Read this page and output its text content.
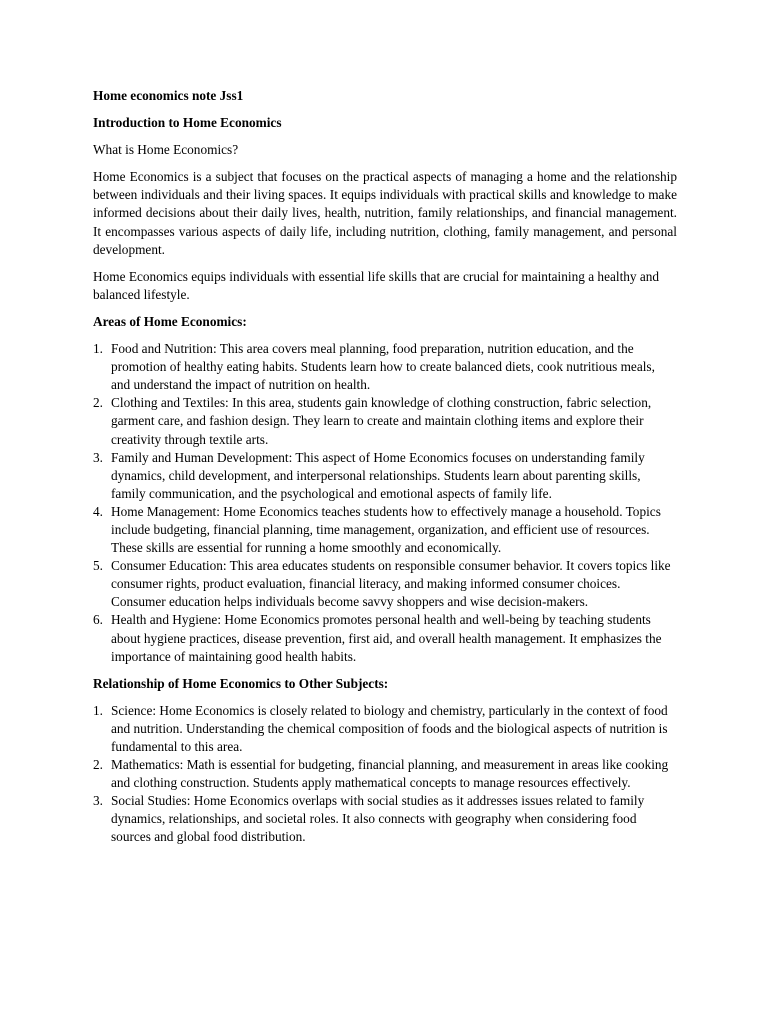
Home economics note Jss1

Introduction to Home Economics

What is Home Economics?

Home Economics is a subject that focuses on the practical aspects of managing a home and the relationship between individuals and their living spaces. It equips individuals with practical skills and knowledge to make informed decisions about their daily lives, health, nutrition, family relationships, and financial management. It encompasses various aspects of daily life, including nutrition, clothing, family management, and personal development.

Home Economics equips individuals with essential life skills that are crucial for maintaining a healthy and balanced lifestyle.

Areas of Home Economics:

1. Food and Nutrition: This area covers meal planning, food preparation, nutrition education, and the promotion of healthy eating habits. Students learn how to create balanced diets, cook nutritious meals, and understand the impact of nutrition on health.
2. Clothing and Textiles: In this area, students gain knowledge of clothing construction, fabric selection, garment care, and fashion design. They learn to create and maintain clothing items and explore their creativity through textile arts.
3. Family and Human Development: This aspect of Home Economics focuses on understanding family dynamics, child development, and interpersonal relationships. Students learn about parenting skills, family communication, and the psychological and emotional aspects of family life.
4. Home Management: Home Economics teaches students how to effectively manage a household. Topics include budgeting, financial planning, time management, organization, and efficient use of resources. These skills are essential for running a home smoothly and economically.
5. Consumer Education: This area educates students on responsible consumer behavior. It covers topics like consumer rights, product evaluation, financial literacy, and making informed consumer choices. Consumer education helps individuals become savvy shoppers and wise decision-makers.
6. Health and Hygiene: Home Economics promotes personal health and well-being by teaching students about hygiene practices, disease prevention, first aid, and overall health management. It emphasizes the importance of maintaining good health habits.

Relationship of Home Economics to Other Subjects:

1. Science: Home Economics is closely related to biology and chemistry, particularly in the context of food and nutrition. Understanding the chemical composition of foods and the biological aspects of nutrition is fundamental to this area.
2. Mathematics: Math is essential for budgeting, financial planning, and measurement in areas like cooking and clothing construction. Students apply mathematical concepts to manage resources effectively.
3. Social Studies: Home Economics overlaps with social studies as it addresses issues related to family dynamics, relationships, and societal roles. It also connects with geography when considering food sources and global food distribution.
